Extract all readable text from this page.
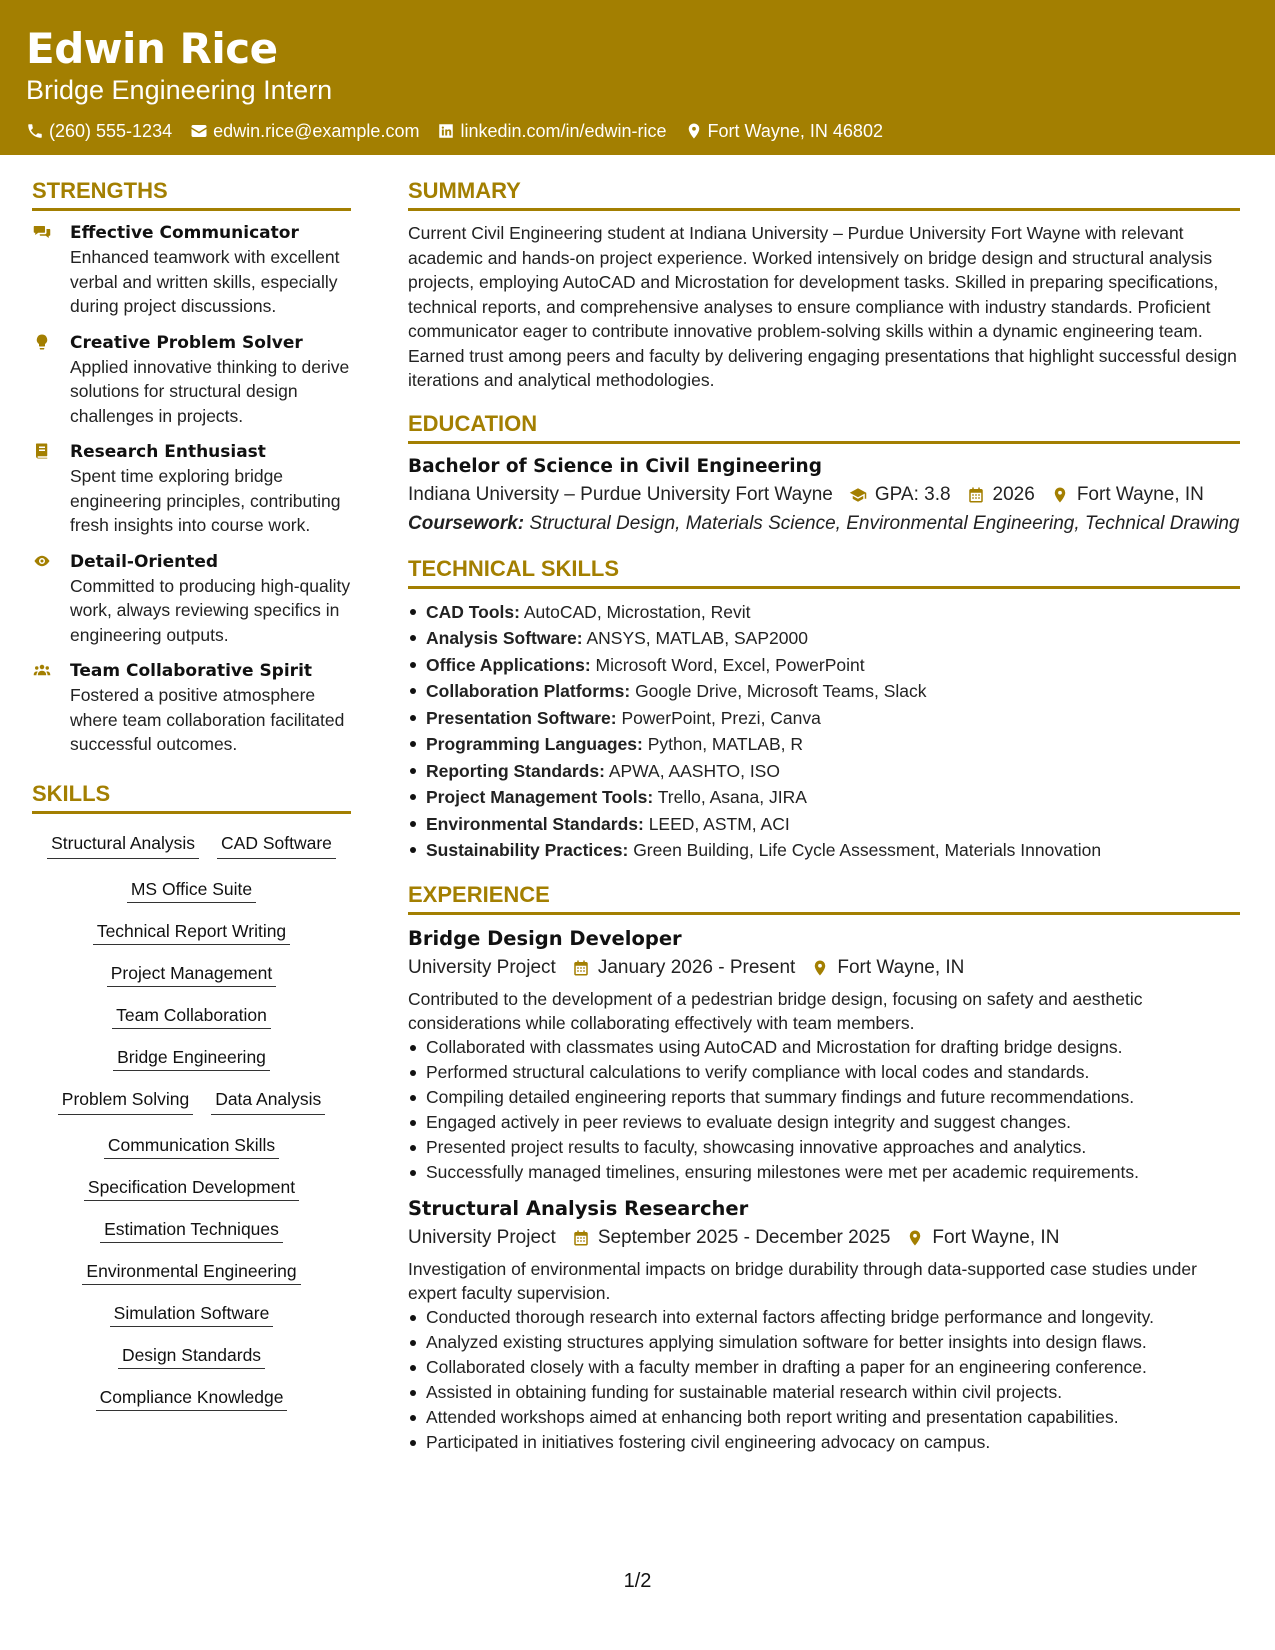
Edwin Rice
Bridge Engineering Intern
(260) 555-1234 edwin.rice@example.com linkedin.com/in/edwin-rice Fort Wayne, IN 46802
STRENGTHS
Effective Communicator

Enhanced teamwork with excellent verbal and written skills, especially during project discussions.

Creative Problem Solver

Applied innovative thinking to derive solutions for structural design challenges in projects.

Research Enthusiast

Spent time exploring bridge engineering principles, contributing fresh insights into course work.

Detail-Oriented

Committed to producing high-quality work, always reviewing specifics in engineering outputs.

Team Collaborative Spirit

Fostered a positive atmosphere where team collaboration facilitated successful outcomes.

SKILLS
Structural Analysis CAD Software
MS Office Suite
Technical Report Writing
Project Management
Team Collaboration
Bridge Engineering
Problem Solving Data Analysis
Communication Skills
Specification Development
Estimation Techniques
Environmental Engineering
Simulation Software
Design Standards
Compliance Knowledge
SUMMARY

Current Civil Engineering student at Indiana University – Purdue University Fort Wayne with relevant academic and hands-on project experience. Worked intensively on bridge design and structural analysis projects, employing AutoCAD and Microstation for development tasks. Skilled in preparing specifications, technical reports, and comprehensive analyses to ensure compliance with industry standards. Proficient communicator eager to contribute innovative problem-solving skills within a dynamic engineering team. Earned trust among peers and faculty by delivering engaging presentations that highlight successful design iterations and analytical methodologies.

EDUCATION
Bachelor of Science in Civil Engineering
Indiana University – Purdue University Fort Wayne GPA: 3.8 2026 Fort Wayne, IN
Coursework: Structural Design, Materials Science, Environmental Engineering, Technical Drawing
TECHNICAL SKILLS
CAD Tools: AutoCAD, Microstation, Revit
Analysis Software: ANSYS, MATLAB, SAP2000
Office Applications: Microsoft Word, Excel, PowerPoint
Collaboration Platforms: Google Drive, Microsoft Teams, Slack
Presentation Software: PowerPoint, Prezi, Canva
Programming Languages: Python, MATLAB, R
Reporting Standards: APWA, AASHTO, ISO
Project Management Tools: Trello, Asana, JIRA
Environmental Standards: LEED, ASTM, ACI
Sustainability Practices: Green Building, Life Cycle Assessment, Materials Innovation
EXPERIENCE
Bridge Design Developer
University Project January 2026 - Present Fort Wayne, IN

Contributed to the development of a pedestrian bridge design, focusing on safety and aesthetic considerations while collaborating effectively with team members.

Collaborated with classmates using AutoCAD and Microstation for drafting bridge designs.
Performed structural calculations to verify compliance with local codes and standards.
Compiling detailed engineering reports that summary findings and future recommendations.
Engaged actively in peer reviews to evaluate design integrity and suggest changes.
Presented project results to faculty, showcasing innovative approaches and analytics.
Successfully managed timelines, ensuring milestones were met per academic requirements.
Structural Analysis Researcher
University Project September 2025 - December 2025 Fort Wayne, IN

Investigation of environmental impacts on bridge durability through data-supported case studies under expert faculty supervision.

Conducted thorough research into external factors affecting bridge performance and longevity.
Analyzed existing structures applying simulation software for better insights into design flaws.
Collaborated closely with a faculty member in drafting a paper for an engineering conference.
Assisted in obtaining funding for sustainable material research within civil projects.
Attended workshops aimed at enhancing both report writing and presentation capabilities.
Participated in initiatives fostering civil engineering advocacy on campus.
1/2
